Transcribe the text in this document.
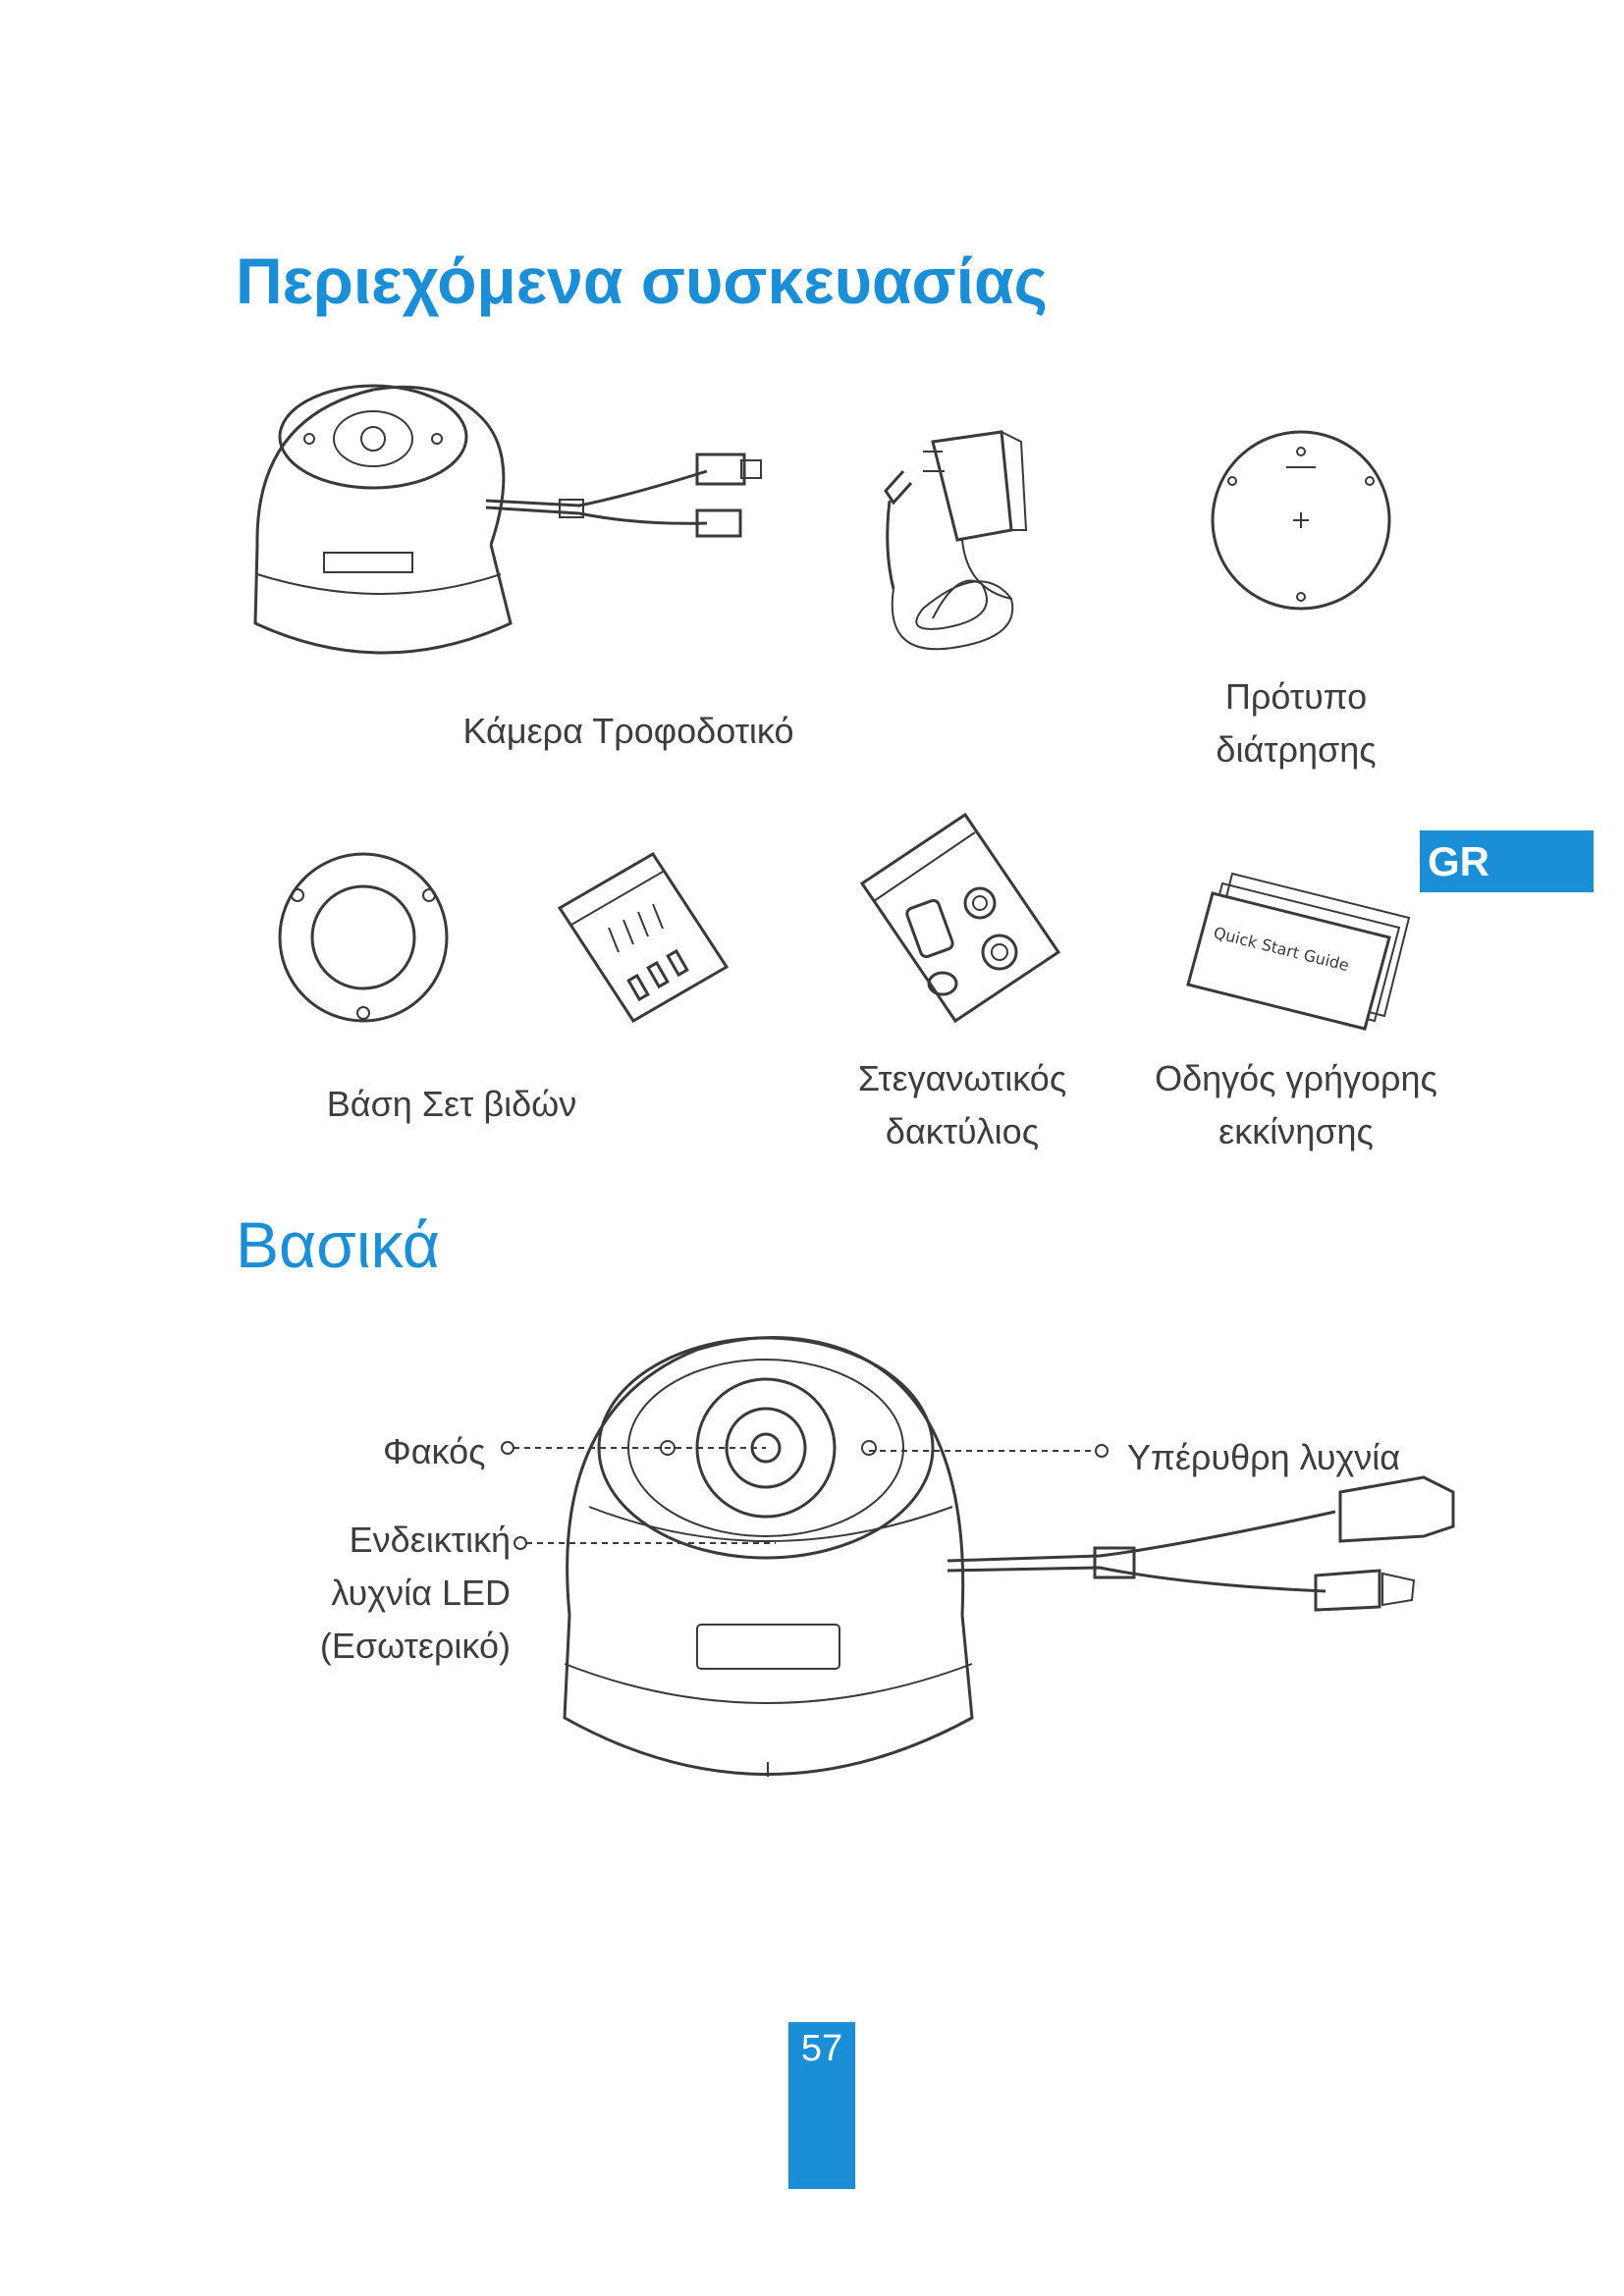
Περιεχόμενα συσκευασίας
Κάμερα Τροφοδοτικό
Πρότυπο
διάτρησης
GR
Quick Start Guide
Βάση Σετ βιδών
Στεγανωτικός
δακτύλιος
Οδηγός γρήγορης
εκκίνησης
Βασικά
Φακός
Ενδεικτική
λυχνία LED
(Εσωτερικό)
Υπέρυθρη λυχνία
57
